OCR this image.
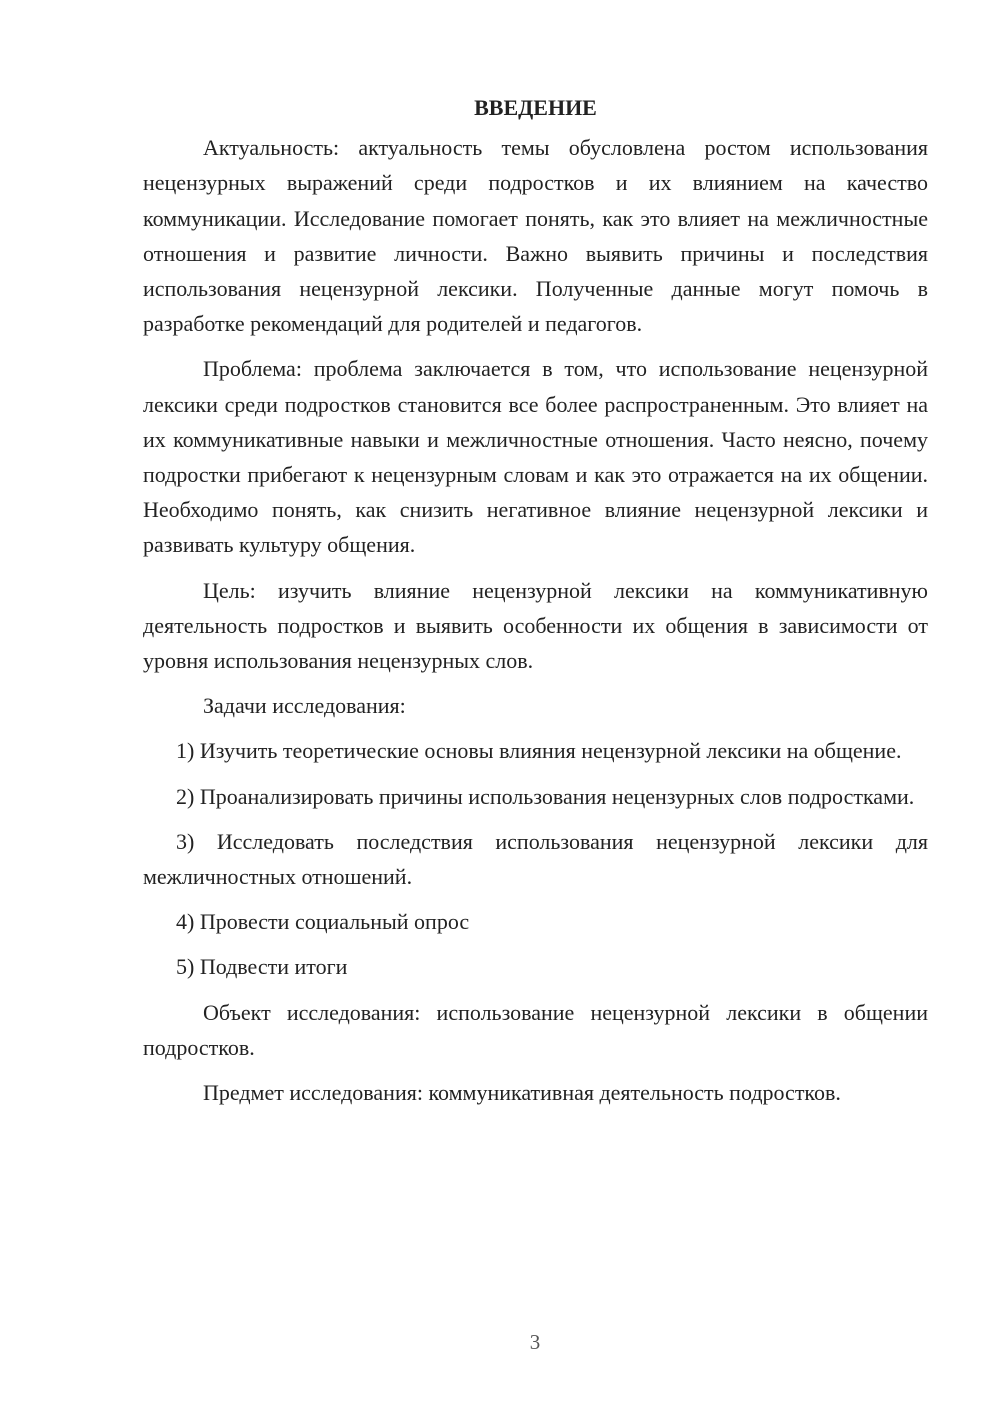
ВВЕДЕНИЕ
Актуальность: актуальность темы обусловлена ростом использования нецензурных выражений среди подростков и их влиянием на качество коммуникации. Исследование помогает понять, как это влияет на межличностные отношения и развитие личности. Важно выявить причины и последствия использования нецензурной лексики. Полученные данные могут помочь в разработке рекомендаций для родителей и педагогов.
Проблема: проблема заключается в том, что использование нецензурной лексики среди подростков становится все более распространенным. Это влияет на их коммуникативные навыки и межличностные отношения. Часто неясно, почему подростки прибегают к нецензурным словам и как это отражается на их общении. Необходимо понять, как снизить негативное влияние нецензурной лексики и развивать культуру общения.
Цель: изучить влияние нецензурной лексики на коммуникативную деятельность подростков и выявить особенности их общения в зависимости от уровня использования нецензурных слов.
Задачи исследования:
1) Изучить теоретические основы влияния нецензурной лексики на общение.
2) Проанализировать причины использования нецензурных слов подростками.
3) Исследовать последствия использования нецензурной лексики для межличностных отношений.
4) Провести социальный опрос
5) Подвести итоги
Объект исследования: использование нецензурной лексики в общении подростков.
Предмет исследования: коммуникативная деятельность подростков.
3
